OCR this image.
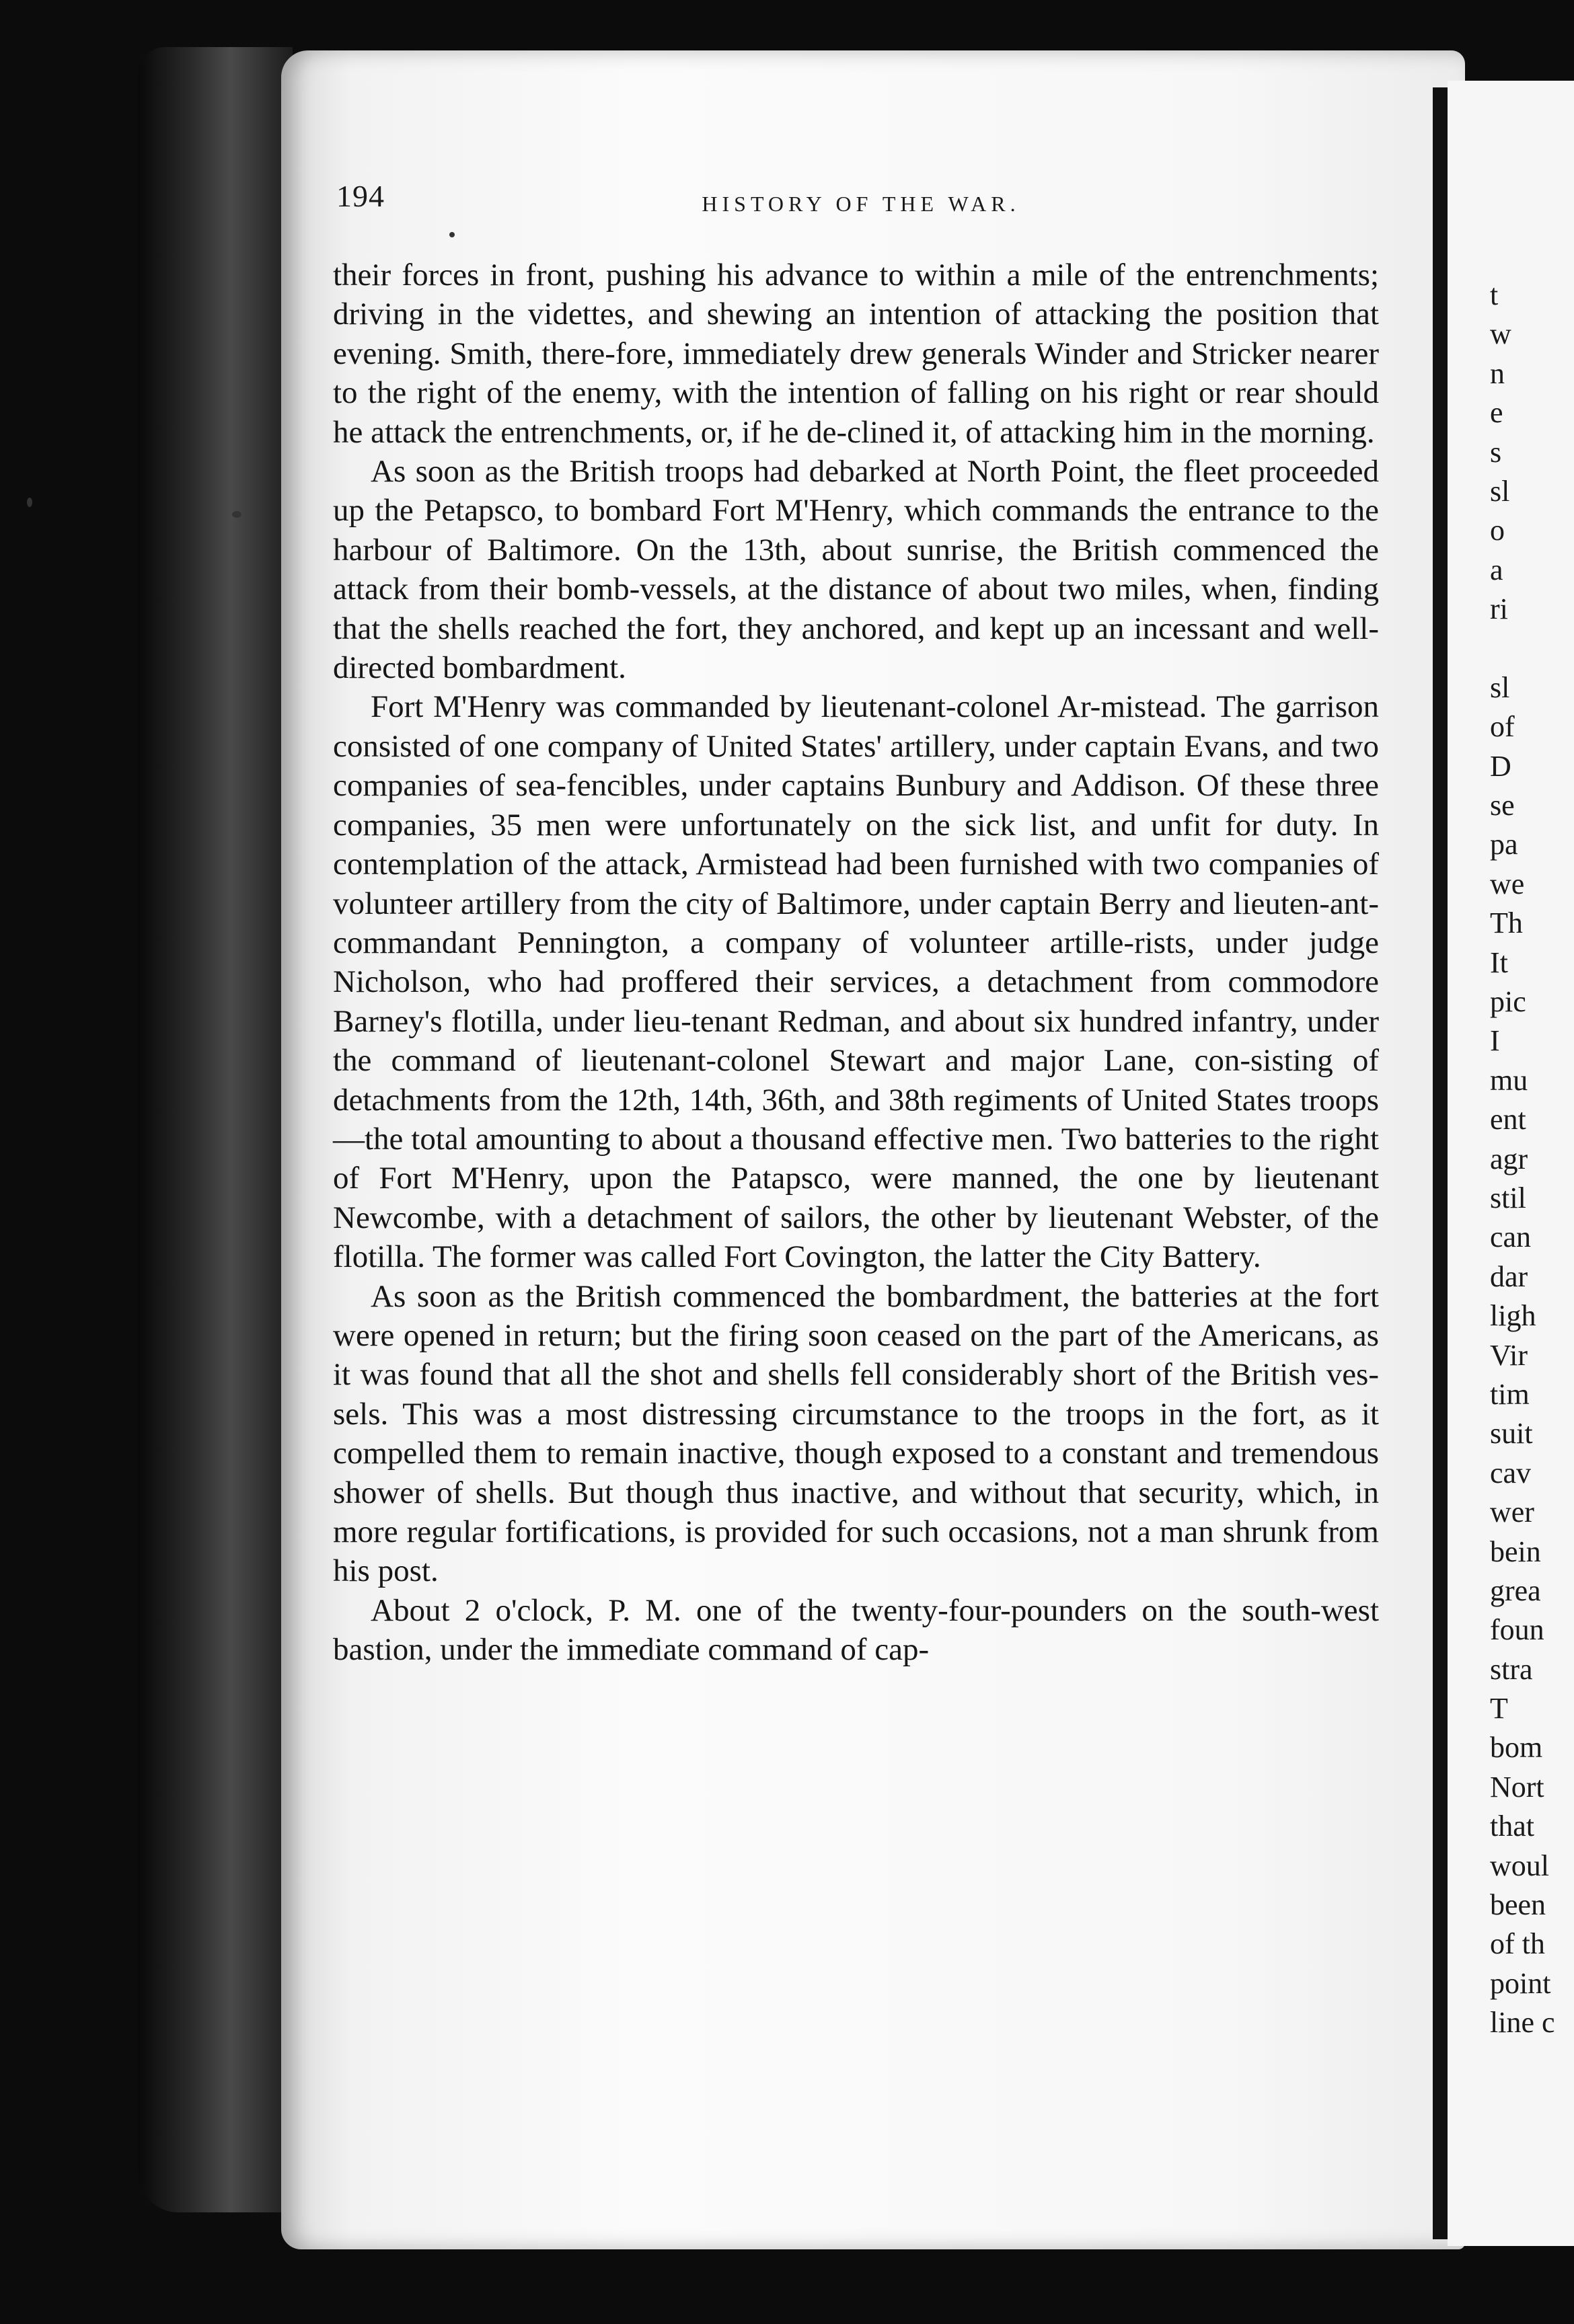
194	HISTORY OF THE WAR.

their forces in front, pushing his advance to within a mile of the entrenchments; driving in the videttes, and shewing an intention of attacking the position that evening. Smith, there-fore, immediately drew generals Winder and Stricker nearer to the right of the enemy, with the intention of falling on his right or rear should he attack the entrenchments, or, if he de-clined it, of attacking him in the morning.

As soon as the British troops had debarked at North Point, the fleet proceeded up the Petapsco, to bombard Fort M'Henry, which commands the entrance to the harbour of Baltimore. On the 13th, about sunrise, the British commenced the attack from their bomb-vessels, at the distance of about two miles, when, finding that the shells reached the fort, they anchored, and kept up an incessant and well-directed bombardment.

Fort M'Henry was commanded by lieutenant-colonel Ar-mistead. The garrison consisted of one company of United States' artillery, under captain Evans, and two companies of sea-fencibles, under captains Bunbury and Addison. Of these three companies, 35 men were unfortunately on the sick list, and unfit for duty. In contemplation of the attack, Armistead had been furnished with two companies of volunteer artillery from the city of Baltimore, under captain Berry and lieuten-ant-commandant Pennington, a company of volunteer artille-rists, under judge Nicholson, who had proffered their services, a detachment from commodore Barney's flotilla, under lieu-tenant Redman, and about six hundred infantry, under the command of lieutenant-colonel Stewart and major Lane, con-sisting of detachments from the 12th, 14th, 36th, and 38th regiments of United States troops—the total amounting to about a thousand effective men. Two batteries to the right of Fort M'Henry, upon the Patapsco, were manned, the one by lieutenant Newcombe, with a detachment of sailors, the other by lieutenant Webster, of the flotilla. The former was called Fort Covington, the latter the City Battery.

As soon as the British commenced the bombardment, the batteries at the fort were opened in return; but the firing soon ceased on the part of the Americans, as it was found that all the shot and shells fell considerably short of the British ves-sels. This was a most distressing circumstance to the troops in the fort, as it compelled them to remain inactive, though exposed to a constant and tremendous shower of shells. But though thus inactive, and without that security, which, in more regular fortifications, is provided for such occasions, not a man shrunk from his post.

About 2 o'clock, P. M. one of the twenty-four-pounders on the south-west bastion, under the immediate command of cap-

t
w
n
e
s
sl
o
a
ri
sl
of
D
se
pa
we
Th
It
pic
I
mu
ent
agr
stil
can
dar
ligh
Vir
tim
suit
cav
wer
bein
grea
foun
stra
T
bom
Nort
that
woul
been
of th
point
line c
